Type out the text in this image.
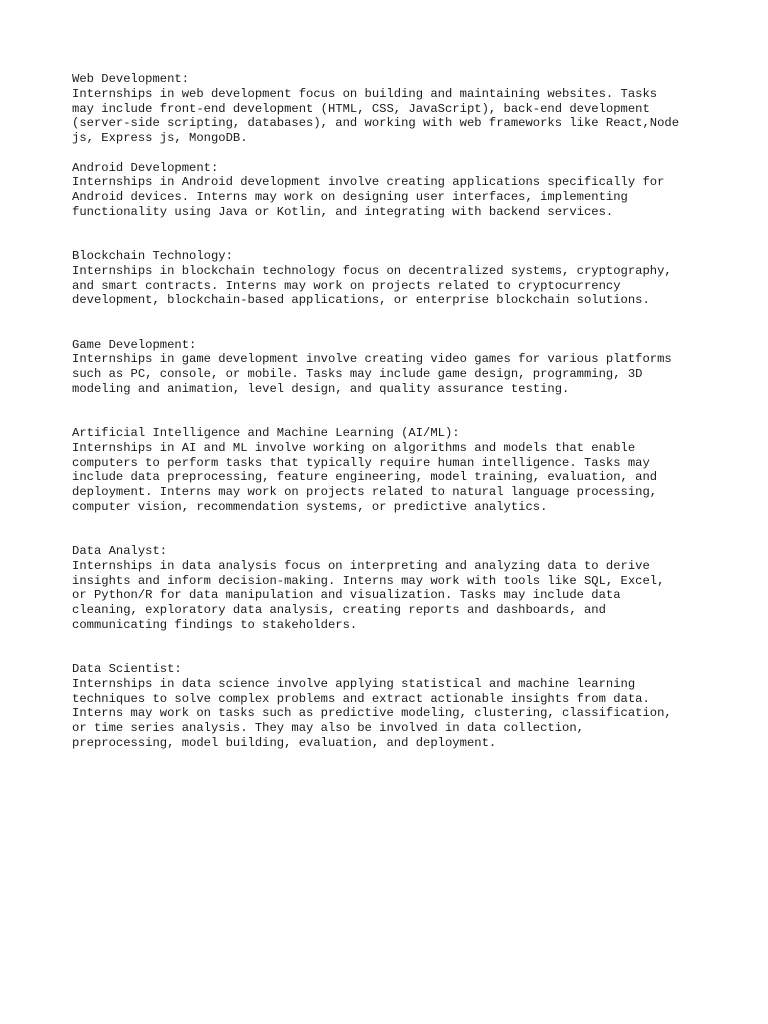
Web Development:
Internships in web development focus on building and maintaining websites. Tasks
may include front-end development (HTML, CSS, JavaScript), back-end development
(server-side scripting, databases), and working with web frameworks like React,Node
js, Express js, MongoDB.
Android Development:
Internships in Android development involve creating applications specifically for
Android devices. Interns may work on designing user interfaces, implementing
functionality using Java or Kotlin, and integrating with backend services.
Blockchain Technology:
Internships in blockchain technology focus on decentralized systems, cryptography,
and smart contracts. Interns may work on projects related to cryptocurrency
development, blockchain-based applications, or enterprise blockchain solutions.
Game Development:
Internships in game development involve creating video games for various platforms
such as PC, console, or mobile. Tasks may include game design, programming, 3D
modeling and animation, level design, and quality assurance testing.
Artificial Intelligence and Machine Learning (AI/ML):
Internships in AI and ML involve working on algorithms and models that enable
computers to perform tasks that typically require human intelligence. Tasks may
include data preprocessing, feature engineering, model training, evaluation, and
deployment. Interns may work on projects related to natural language processing,
computer vision, recommendation systems, or predictive analytics.
Data Analyst:
Internships in data analysis focus on interpreting and analyzing data to derive
insights and inform decision-making. Interns may work with tools like SQL, Excel,
or Python/R for data manipulation and visualization. Tasks may include data
cleaning, exploratory data analysis, creating reports and dashboards, and
communicating findings to stakeholders.
Data Scientist:
Internships in data science involve applying statistical and machine learning
techniques to solve complex problems and extract actionable insights from data.
Interns may work on tasks such as predictive modeling, clustering, classification,
or time series analysis. They may also be involved in data collection,
preprocessing, model building, evaluation, and deployment.
